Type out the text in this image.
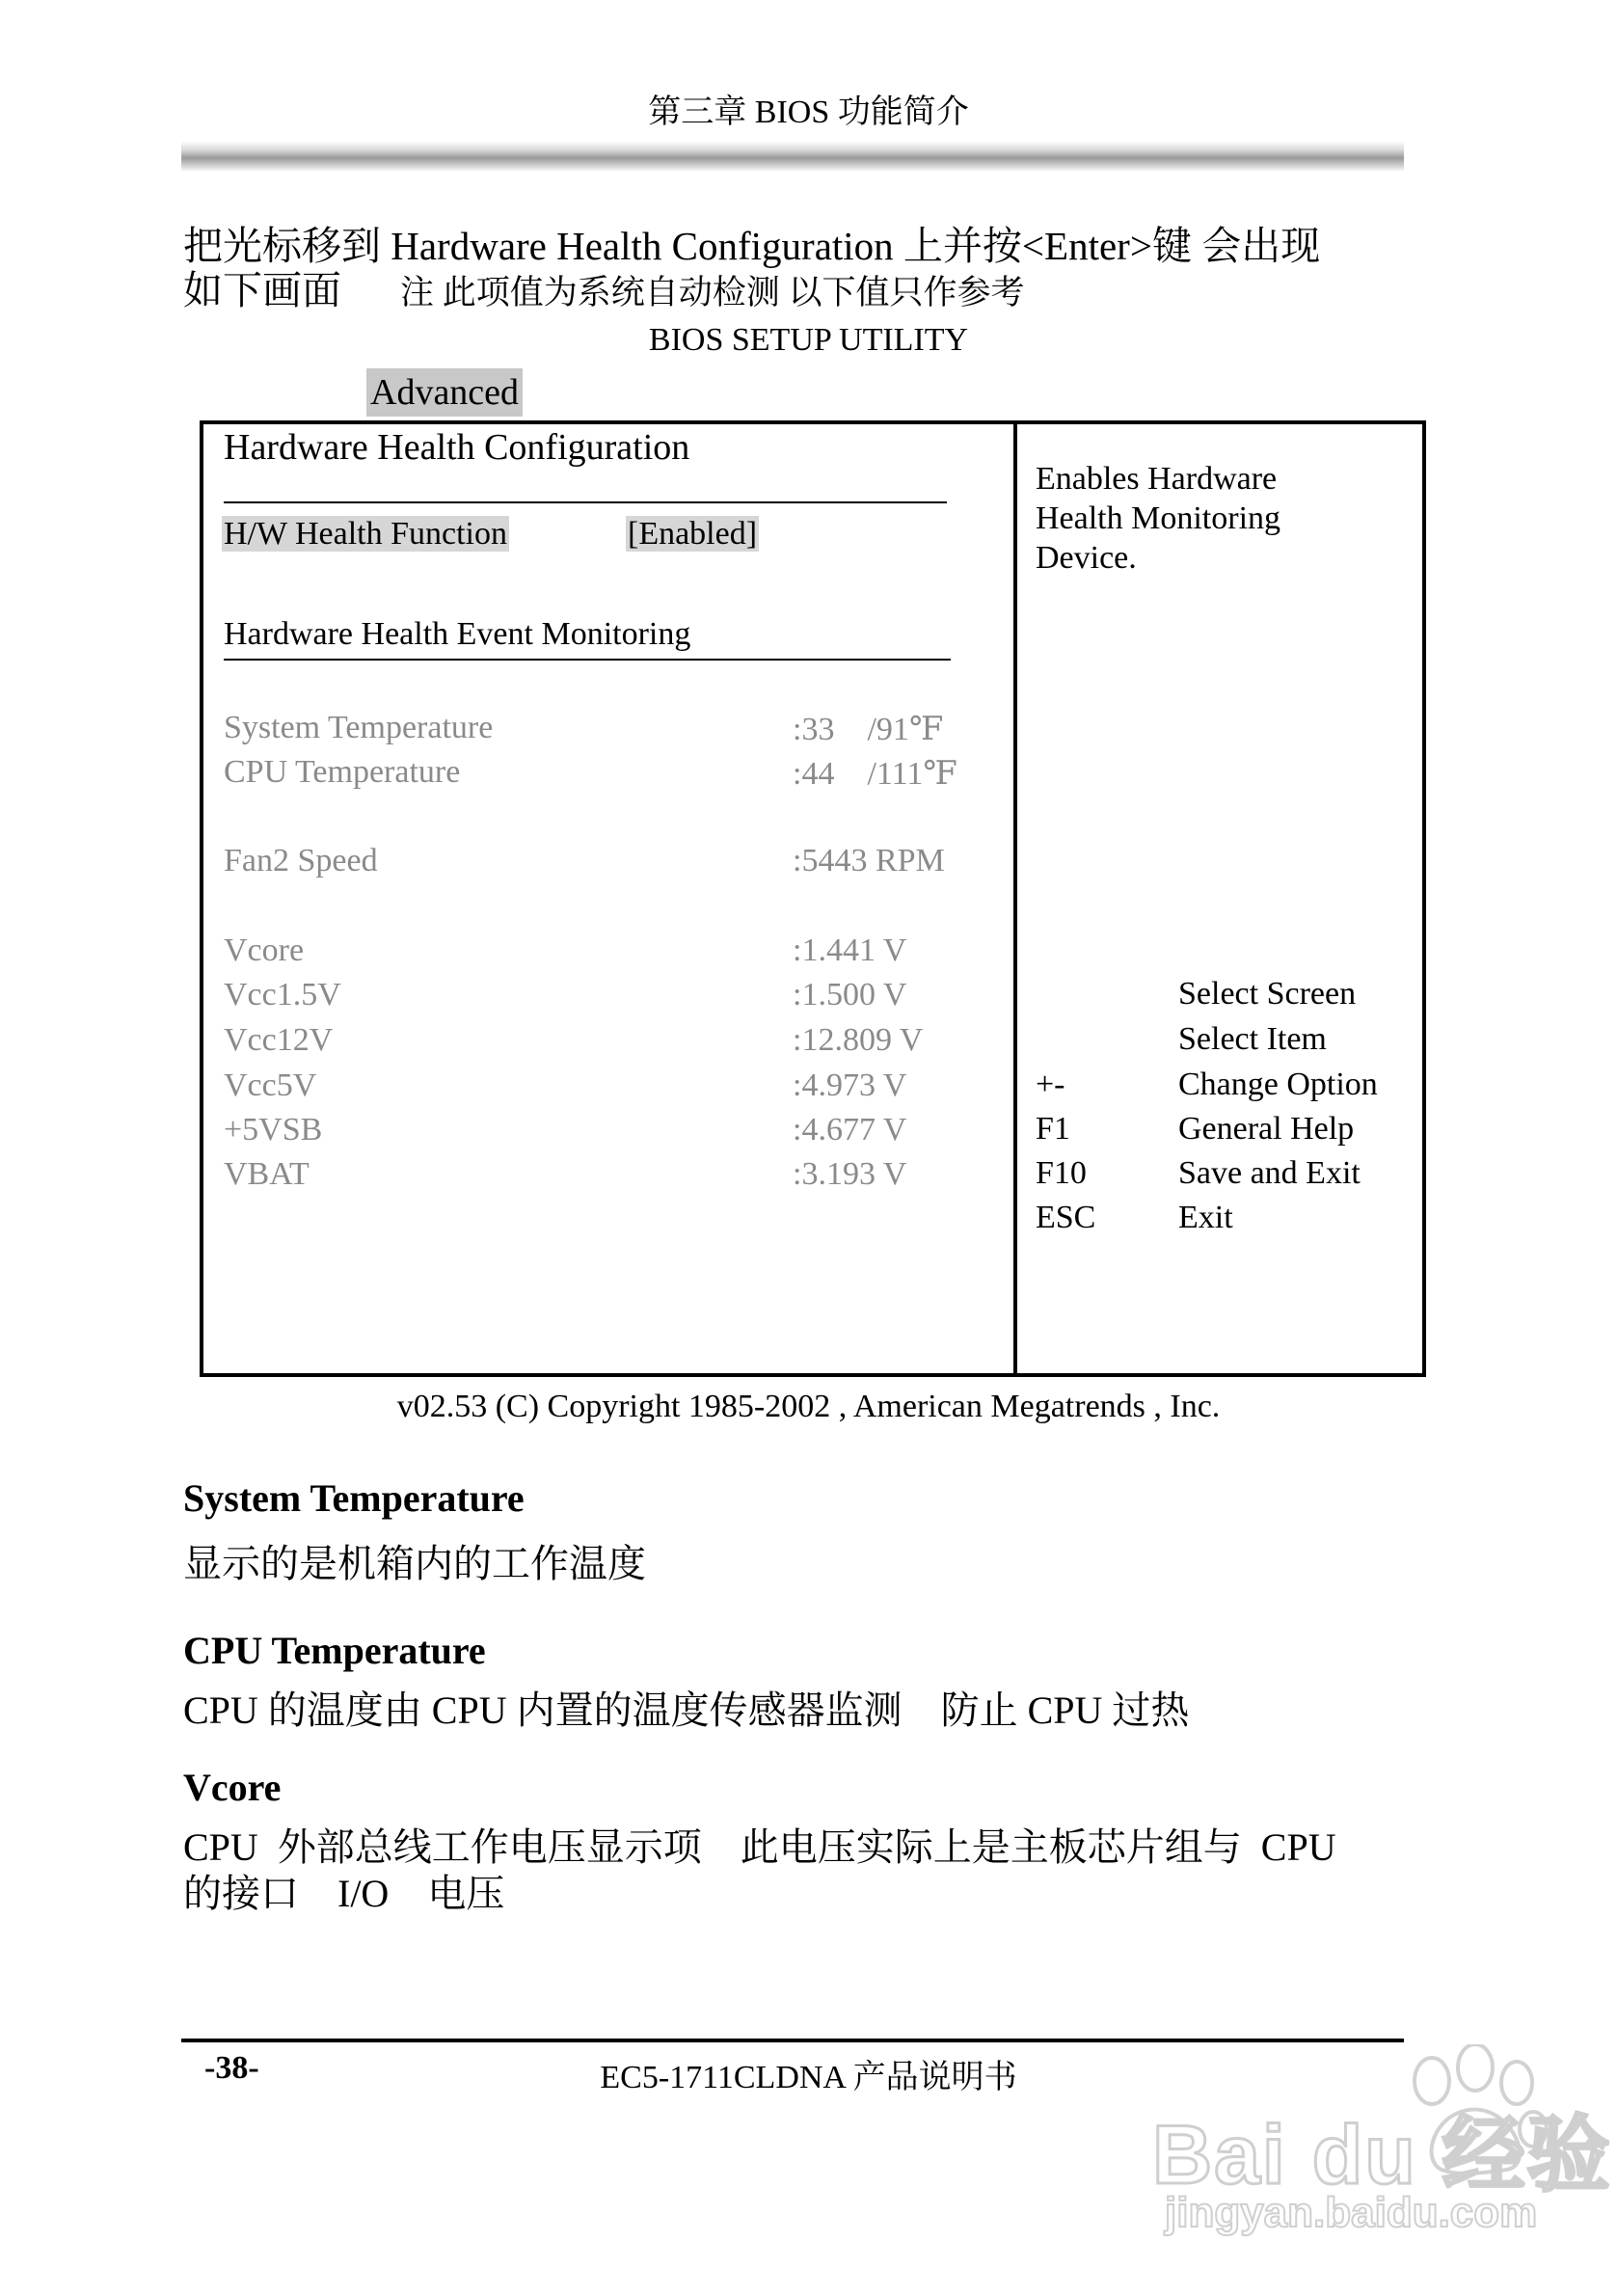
第三章 BIOS 功能简介
把光标移到 Hardware Health Configuration 上并按<Enter>键 会出现
如下画面 注 此项值为系统自动检测 以下值只作参考
BIOS SETUP UTILITY
Advanced
Hardware Health Configuration
H/W Health Function	[Enabled]
Hardware Health Event Monitoring
System Temperature	:33    /91℉
CPU Temperature	:44    /111℉
Fan2 Speed	:5443 RPM
Vcore	:1.441 V
Vcc1.5V	:1.500 V
Vcc12V	:12.809 V
Vcc5V	:4.973 V
+5VSB	:4.677 V
VBAT	:3.193 V
Enables Hardware
Health Monitoring
Device.
Select Screen
Select Item
+-	Change Option
F1	General Help
F10	Save and Exit
ESC	Exit
v02.53 (C) Copyright 1985-2002 , American Megatrends , Inc.
System Temperature
显示的是机箱内的工作温度
CPU Temperature
CPU 的温度由 CPU 内置的温度传感器监测    防止 CPU 过热
Vcore
CPU  外部总线工作电压显示项    此电压实际上是主板芯片组与  CPU
的接口    I/O    电压
-38-	EC5-1711CLDNA 产品说明书
Bai du 经验
jingyan.baidu.com
